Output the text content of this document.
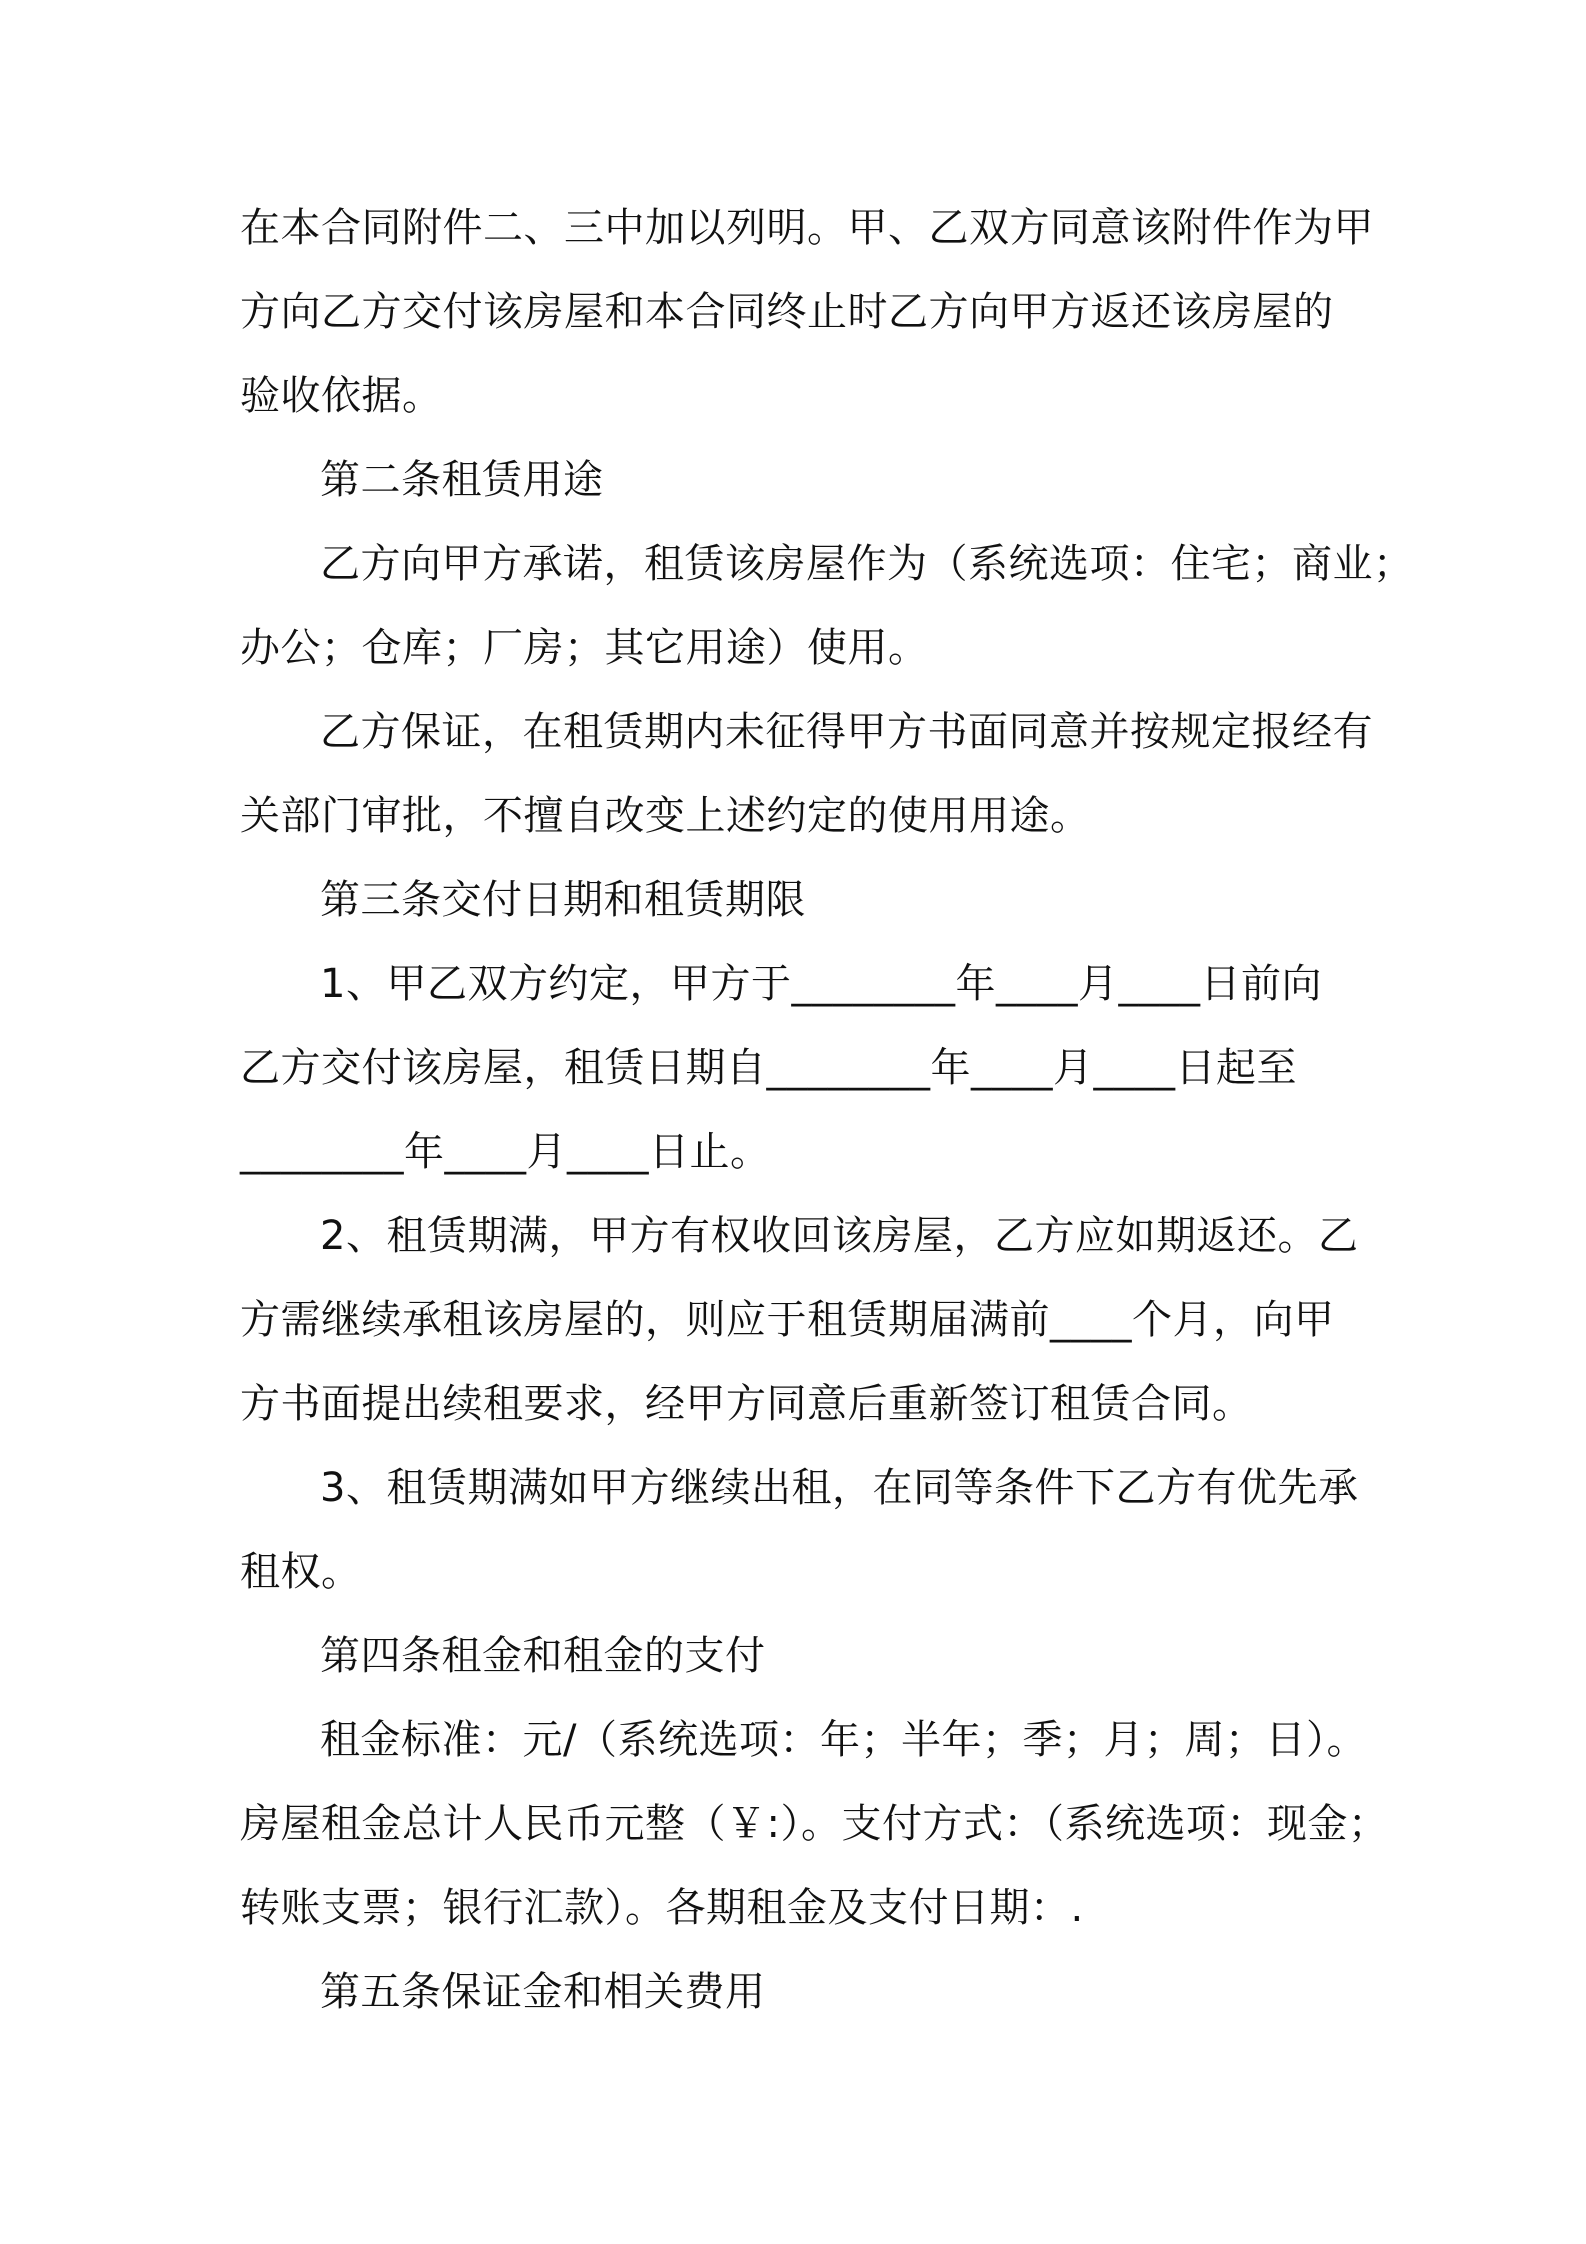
在本合同附件二、三中加以列明。甲、乙双方同意该附件作为甲
方向乙方交付该房屋和本合同终止时乙方向甲方返还该房屋的
验收依据。
第二条租赁用途
乙方向甲方承诺，租赁该房屋作为（系统选项：住宅；商业；
办公；仓库；厂房；其它用途）使用。
乙方保证，在租赁期内未征得甲方书面同意并按规定报经有
关部门审批，不擅自改变上述约定的使用用途。
第三条交付日期和租赁期限
1、甲乙双方约定，甲方于________年____月____日前向
乙方交付该房屋，租赁日期自________年____月____日起至
________年____月____日止。
2、租赁期满，甲方有权收回该房屋，乙方应如期返还。乙
方需继续承租该房屋的，则应于租赁期届满前____个月，向甲
方书面提出续租要求，经甲方同意后重新签订租赁合同。
3、租赁期满如甲方继续出租，在同等条件下乙方有优先承
租权。
第四条租金和租金的支付
租金标准：元/（系统选项：年；半年；季；月；周；日）。
房屋租金总计人民币元整（￥:）。支付方式：（系统选项：现金；
转账支票；银行汇款）。各期租金及支付日期：.
第五条保证金和相关费用
